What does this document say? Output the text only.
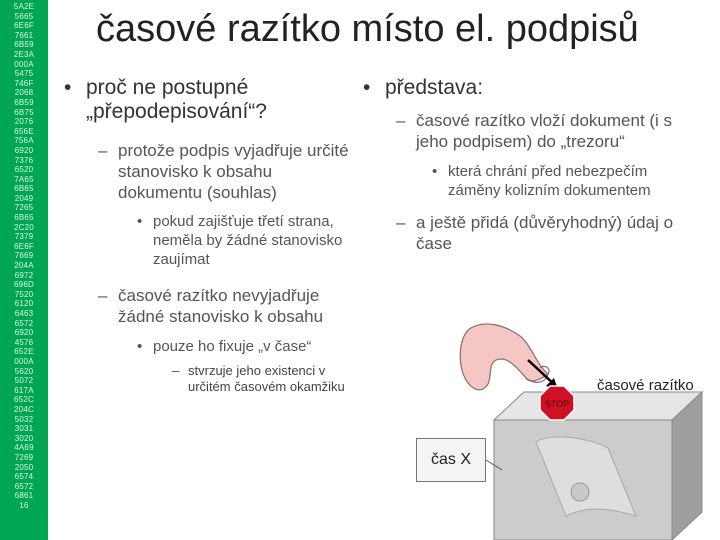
5A2E
5665
6E6F
7661
6B59
2E3A
000A
5475
746F
2068
6B59
6B75
2076
656E
756A
6920
7376
6520
7A65
6B65
2049
7265
6B65
2C20
7379
6E6F
7669
204A
6972
696D
7520
6120
6463
6572
6920
4576
652E
000A
5620
5072
617A
652C
204C
5032
3031
3020
4A69
7269
2050
6574
6572
6861
16
časové razítko místo el. podpisů
• proč ne postupné „přepodepisování“?
– protože podpis vyjadřuje určité stanovisko k obsahu dokumentu (souhlas)
• pokud zajišťuje třetí strana, neměla by žádné stanovisko zaujímat
– časové razítko nevyjadřuje žádné stanovisko k obsahu
• pouze ho fixuje „v čase“
– stvrzuje jeho existenci v určitém časovém okamžiku
• představa:
– časové razítko vloží dokument (i s jeho podpisem) do „trezoru“
• která chrání před nebezpečím záměny kolizním dokumentem
– a ještě přidá (důvěryhodný) údaj o čase
STOP
časové razítko
čas X
